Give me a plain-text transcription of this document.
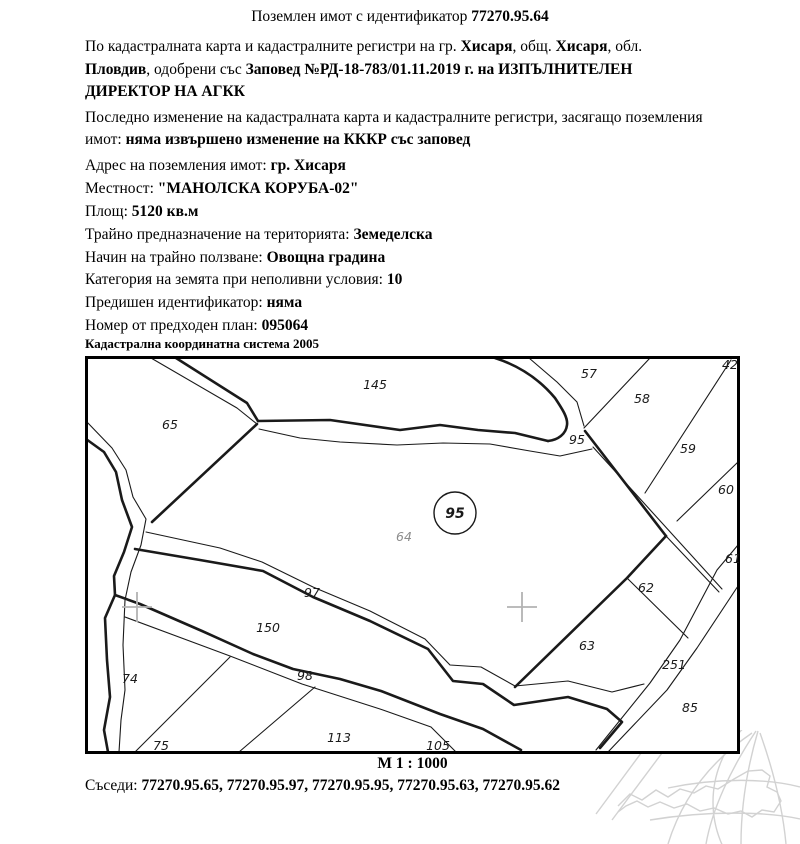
Поземлен имот с идентификатор 77270.95.64

По кадастралната карта и кадастралните регистри на гр. Хисаря, общ. Хисаря, обл.
Пловдив, одобрени със Заповед №РД-18-783/01.11.2019 г. на ИЗПЪЛНИТЕЛЕН
ДИРЕКТОР НА АГКК

Последно изменение на кадастралната карта и кадастралните регистри, засягащо поземления
имот: няма извършено изменение на КККР със заповед

Адрес на поземления имот: гр. Хисаря
Местност: "МАНОЛСКА КОРУБА-02"
Площ: 5120 кв.м
Трайно предназначение на територията: Земеделска
Начин на трайно ползване: Овощна градина
Категория на земята при неполивни условия: 10
Предишен идентификатор: няма
Номер от предходен план: 095064
Кадастрална координатна система 2005
95
145
65
57
58
42
95
59
60
61
62
63
251
85
64
97
150
98
74
75
113
105
М 1 : 1000
Съседи: 77270.95.65, 77270.95.97, 77270.95.95, 77270.95.63, 77270.95.62
